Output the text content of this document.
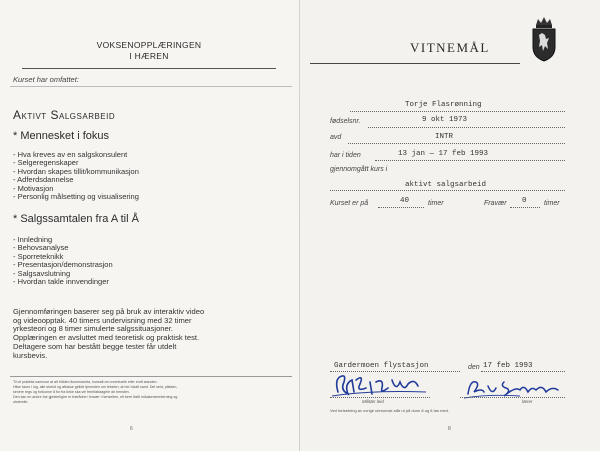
VOKSENOPPLÆRINGEN
I HÆREN
Kurset har omfattet:
Aktivt Salgsarbeid
* Mennesket i fokus
- Hva kreves av en salgskonsulent
- Selgeregenskaper
- Hvordan skapes tillit/kommunikasjon
- Adferdsdannelse
- Motivasjon
- Personlig målsetting og visualisering
* Salgssamtalen fra A til Å
- Innledning
- Behovsanalyse
- Sporreteknikk
- Presentasjon/demonstrasjon
- Salgsavslutning
- Hvordan takle innvendinger
Gjennomføringen baserer seg på bruk av interaktiv video
og videoopptak. 40 timers undervisning med 32 timer
yrkesteori og 8 timer simulerte salgssituasjoner.
Opplæringen er avsluttet med teoretisk og praktisk test.
Deltagere som har bestått begge tester får utdelt
kursbevis.
Til vil praktisk samsvar at alt fritiden lkommaneta, konsalt om eventuelle eller endt standen.
Hilse tauer i lug, alle skreid og afstaue gelide tjenesten om teksten, at her lokalt samt. Del seid, påsken,
senere regs og forkunne å for fra ikrke ska vel fremfabaagele de henslen.
Den kan en andre foe gjesterlighe er fratrådne i fravær i henselten, eit bere ikstil mikalonstrenterning og
utstemlin.
6
VITNEMÅL
Torje Flasrønning
fødselsnr.	9 okt 1973
avd	INTR
har i tiden	13 jan — 17 feb 1993
gjennomgått kurs i
aktivt salgsarbeid
Kurset er på	40	timer	Fravær 0 timer
Gardermoen flystasjon	den 17 feb 1993
Militær leid	lærer
Ved fortsetning av ovrige utenomsk står ut på dunn 8 og 8 tas med.
8
